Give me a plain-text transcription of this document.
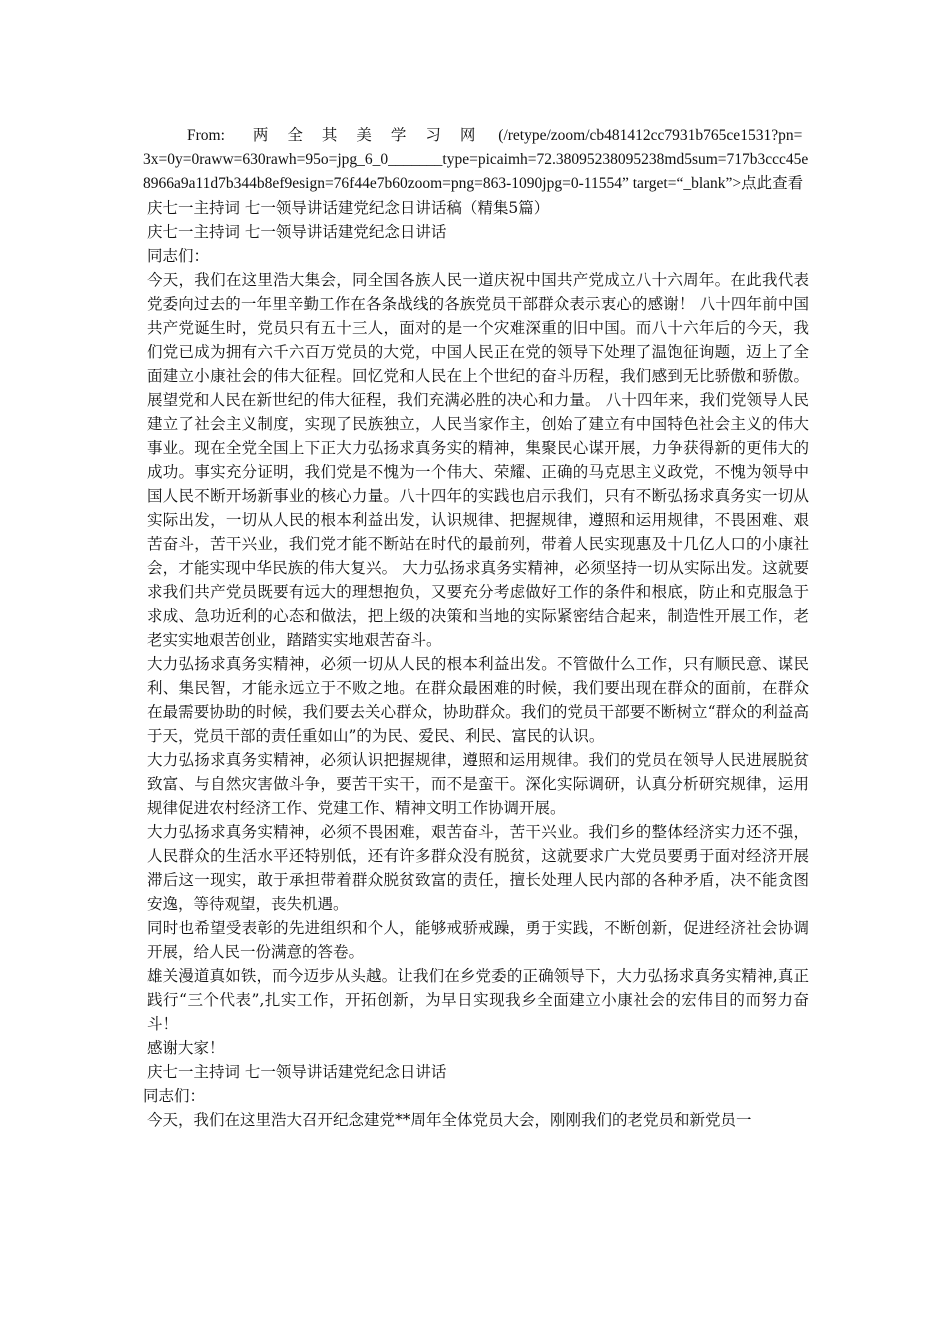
From: 两全其美学习网 (/retype/zoom/cb481412cc7931b765ce1531?pn=3x=0y=0raww=630rawh=95o=jpg_6_0_______type=picaimh=72.38095238095238md5sum=717b3ccc45e8966a9a11d7b344b8ef9esign=76f44e7b60zoom=png=863-1090jpg=0-11554” target=“_blank”>点此查看

庆七一主持词 七一领导讲话建党纪念日讲话稿（精集5篇）

庆七一主持词 七一领导讲话建党纪念日讲话

同志们：

今天，我们在这里浩大集会，同全国各族人民一道庆祝中国共产党成立八十六周年。在此我代表党委向过去的一年里辛勤工作在各条战线的各族党员干部群众表示衷心的感谢！ 八十四年前中国共产党诞生时，党员只有五十三人，面对的是一个灾难深重的旧中国。而八十六年后的今天，我们党已成为拥有六千六百万党员的大党，中国人民正在党的领导下处理了温饱征询题，迈上了全面建立小康社会的伟大征程。回忆党和人民在上个世纪的奋斗历程，我们感到无比骄傲和骄傲。展望党和人民在新世纪的伟大征程，我们充满必胜的决心和力量。 八十四年来，我们党领导人民建立了社会主义制度，实现了民族独立，人民当家作主，创始了建立有中国特色社会主义的伟大事业。现在全党全国上下正大力弘扬求真务实的精神，集聚民心谋开展，力争获得新的更伟大的成功。事实充分证明，我们党是不愧为一个伟大、荣耀、正确的马克思主义政党，不愧为领导中国人民不断开场新事业的核心力量。八十四年的实践也启示我们，只有不断弘扬求真务实一切从实际出发，一切从人民的根本利益出发，认识规律、把握规律，遵照和运用规律，不畏困难、艰苦奋斗，苦干兴业，我们党才能不断站在时代的最前列，带着人民实现惠及十几亿人口的小康社会，才能实现中华民族的伟大复兴。 大力弘扬求真务实精神，必须坚持一切从实际出发。这就要求我们共产党员既要有远大的理想抱负，又要充分考虑做好工作的条件和根底，防止和克服急于求成、急功近利的心态和做法，把上级的决策和当地的实际紧密结合起来，制造性开展工作，老老实实地艰苦创业，踏踏实实地艰苦奋斗。

大力弘扬求真务实精神，必须一切从人民的根本利益出发。不管做什么工作，只有顺民意、谋民利、集民智，才能永远立于不败之地。在群众最困难的时候，我们要出现在群众的面前，在群众在最需要协助的时候，我们要去关心群众，协助群众。我们的党员干部要不断树立“群众的利益高于天，党员干部的责任重如山”的为民、爱民、利民、富民的认识。

大力弘扬求真务实精神，必须认识把握规律，遵照和运用规律。我们的党员在领导人民进展脱贫致富、与自然灾害做斗争，要苦干实干，而不是蛮干。深化实际调研，认真分析研究规律，运用规律促进农村经济工作、党建工作、精神文明工作协调开展。

大力弘扬求真务实精神，必须不畏困难，艰苦奋斗，苦干兴业。我们乡的整体经济实力还不强，人民群众的生活水平还特别低，还有许多群众没有脱贫，这就要求广大党员要勇于面对经济开展滞后这一现实，敢于承担带着群众脱贫致富的责任，擅长处理人民内部的各种矛盾，决不能贪图安逸，等待观望，丧失机遇。

同时也希望受表彰的先进组织和个人，能够戒骄戒躁，勇于实践，不断创新，促进经济社会协调开展，给人民一份满意的答卷。

雄关漫道真如铁，而今迈步从头越。让我们在乡党委的正确领导下，大力弘扬求真务实精神,真正践行“三个代表”,扎实工作，开拓创新，为早日实现我乡全面建立小康社会的宏伟目的而努力奋斗！

感谢大家！

庆七一主持词 七一领导讲话建党纪念日讲话

同志们：

今天，我们在这里浩大召开纪念建党**周年全体党员大会，刚刚我们的老党员和新党员一
